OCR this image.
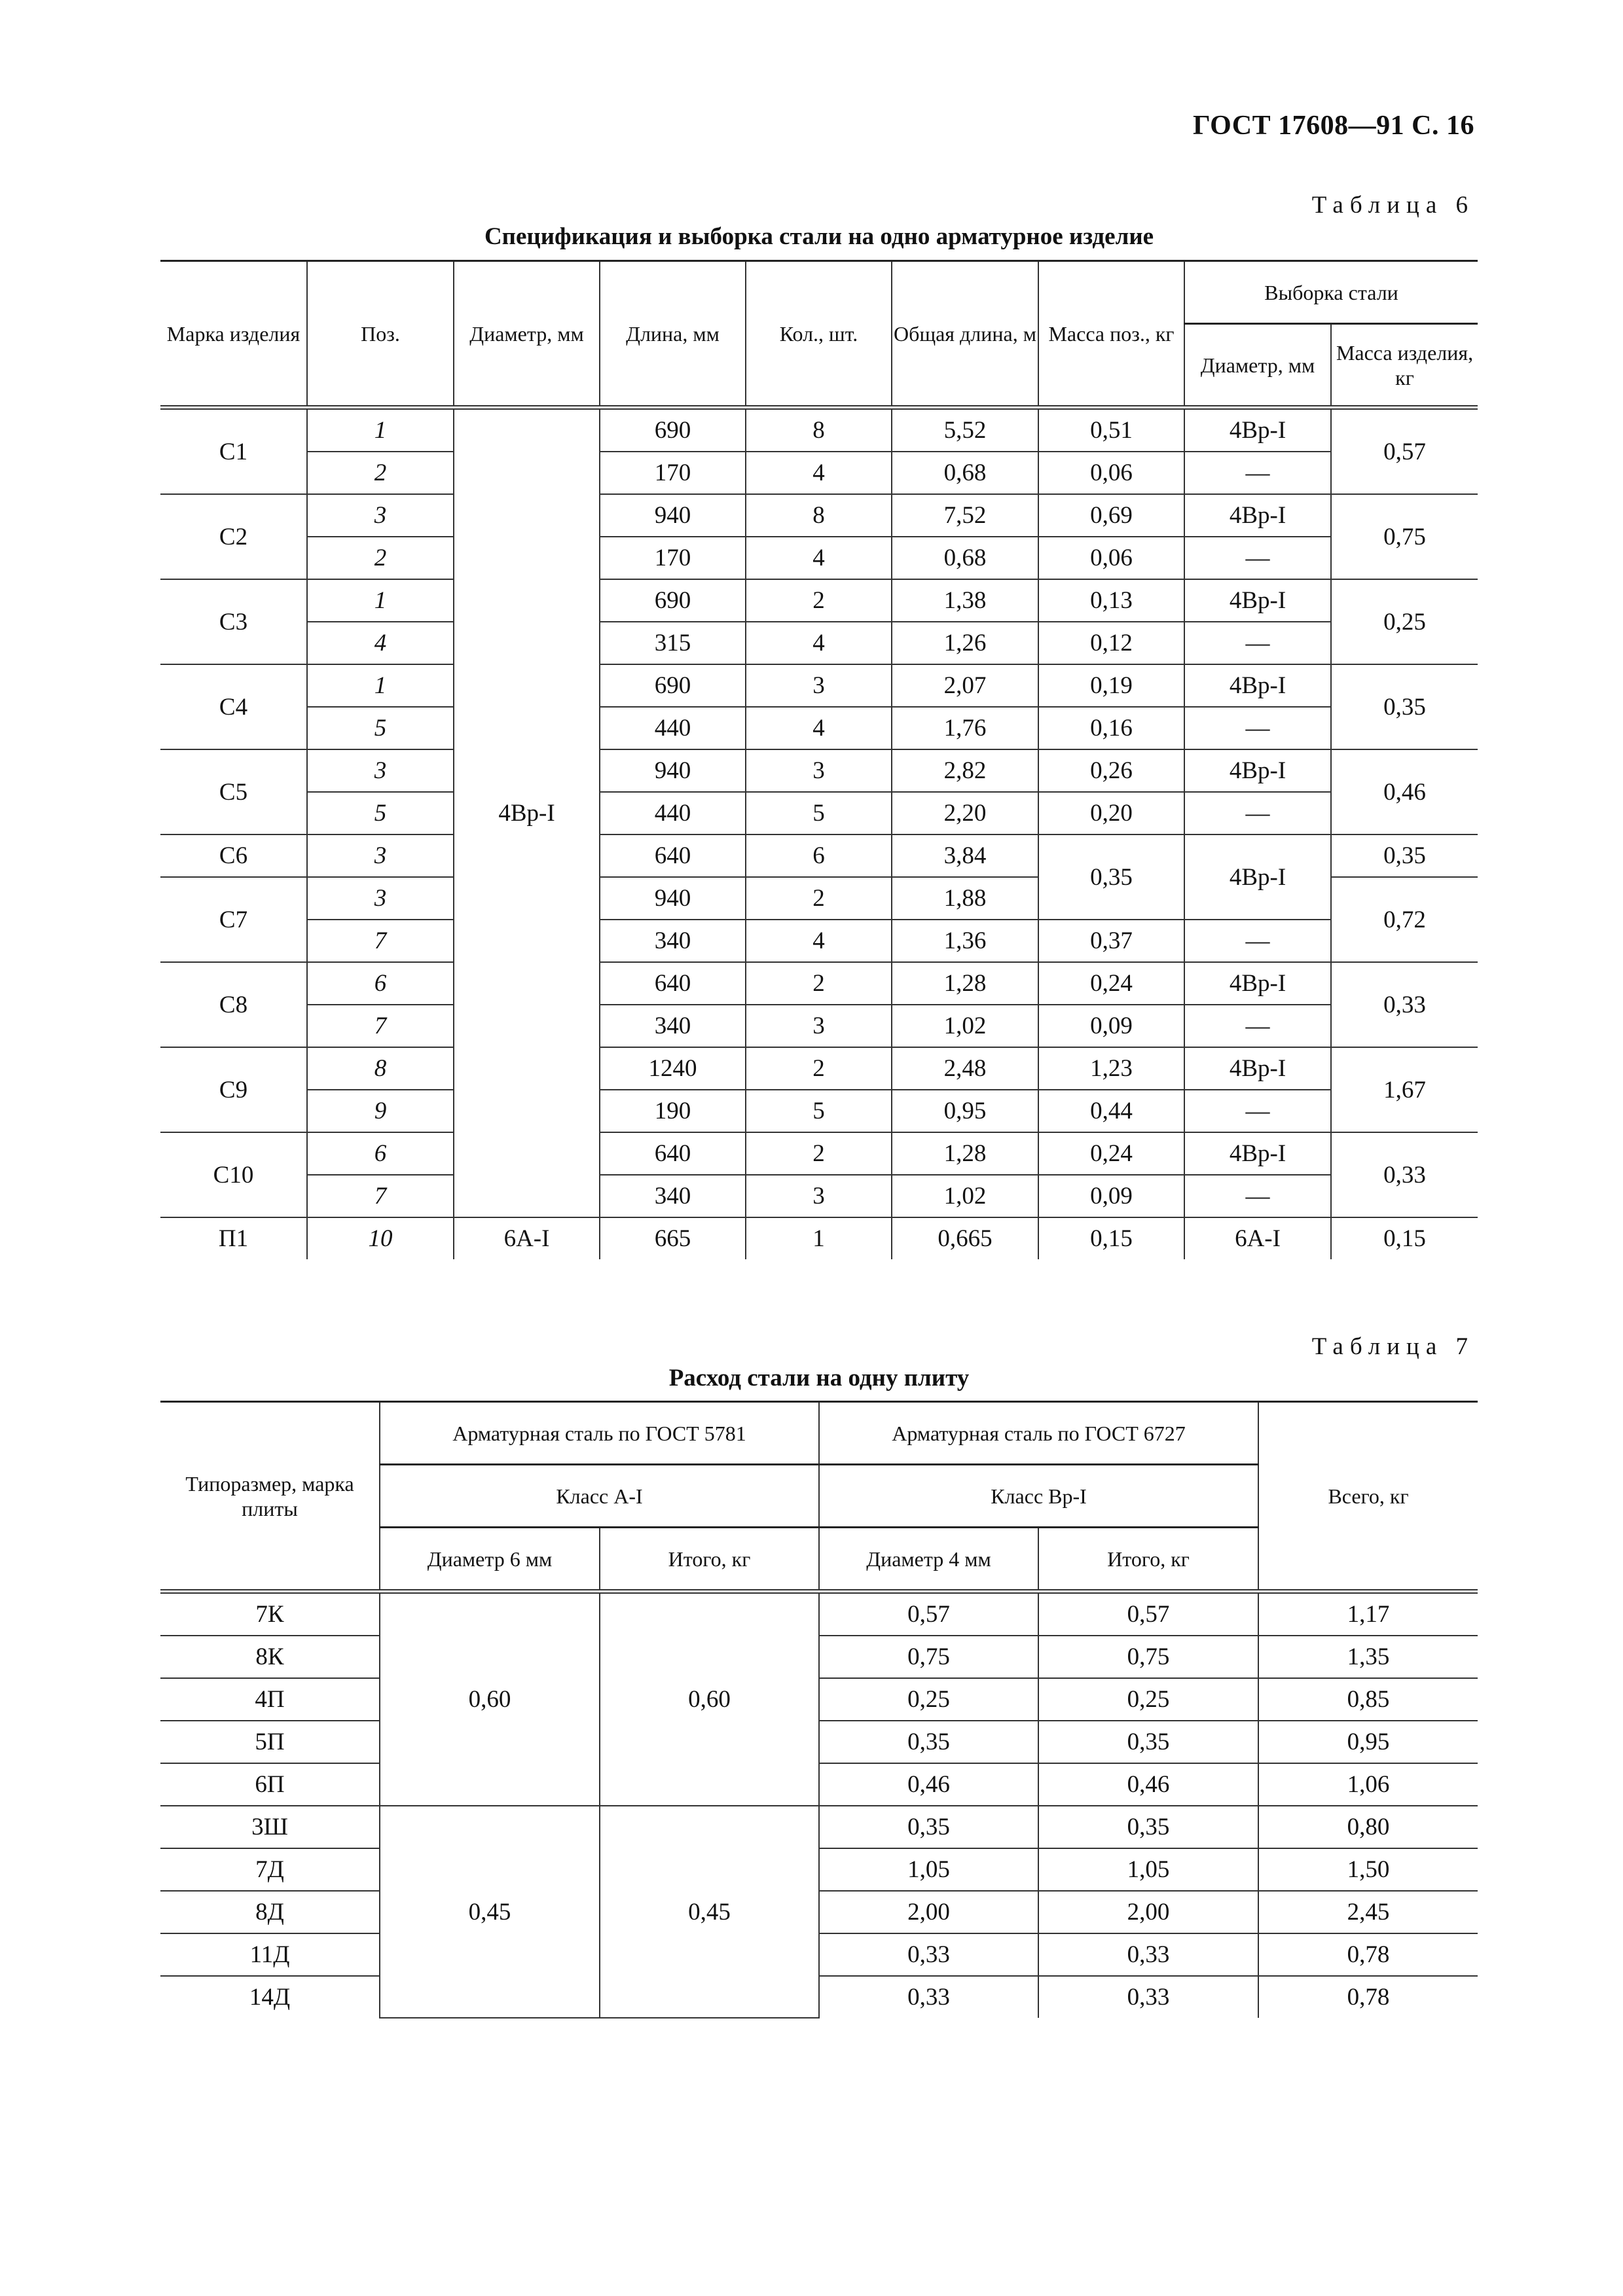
ГОСТ 17608—91 С. 16
Таблица 6
Спецификация и выборка стали на одно арматурное изделие
Марка изделия	Поз.	Диаметр, мм	Длина, мм	Кол., шт.	Общая длина, м	Масса поз., кг	Выборка стали	
							Диаметр, мм	Масса изделия, кг
С1	1	4Вр-I	690	8	5,52	0,51	4Вр-I	0,57
	2		170	4	0,68	0,06	—	
С2	3		940	8	7,52	0,69	4Вр-I	0,75
	2		170	4	0,68	0,06	—	
С3	1		690	2	1,38	0,13	4Вр-I	0,25
	4		315	4	1,26	0,12	—	
С4	1		690	3	2,07	0,19	4Вр-I	0,35
	5		440	4	1,76	0,16	—	
С5	3		940	3	2,82	0,26	4Вр-I	0,46
	5		440	5	2,20	0,20	—	
С6	3		640	6	3,84	0,35	4Вр-I	0,35
С7	3		940	2	1,88			0,72
	7		340	4	1,36	0,37	—	
С8	6		640	2	1,28	0,24	4Вр-I	0,33
	7		340	3	1,02	0,09	—	
С9	8		1240	2	2,48	1,23	4Вр-I	1,67
	9		190	5	0,95	0,44	—	
С10	6		640	2	1,28	0,24	4Вр-I	0,33
	7		340	3	1,02	0,09	—	
П1	10	6А-I	665	1	0,665	0,15	6А-I	0,15
Таблица 7
Расход стали на одну плиту
Типоразмер, марка плиты	Арматурная сталь по ГОСТ 5781		Арматурная сталь по ГОСТ 6727		Всего, кг
	Класс А-I		Класс Вр-I		
	Диаметр 6 мм	Итого, кг	Диаметр 4 мм	Итого, кг	
7К	0,60	0,60	0,57	0,57	1,17
8К			0,75	0,75	1,35
4П			0,25	0,25	0,85
5П			0,35	0,35	0,95
6П			0,46	0,46	1,06
3Ш	0,45	0,45	0,35	0,35	0,80
7Д			1,05	1,05	1,50
8Д			2,00	2,00	2,45
11Д			0,33	0,33	0,78
14Д			0,33	0,33	0,78
